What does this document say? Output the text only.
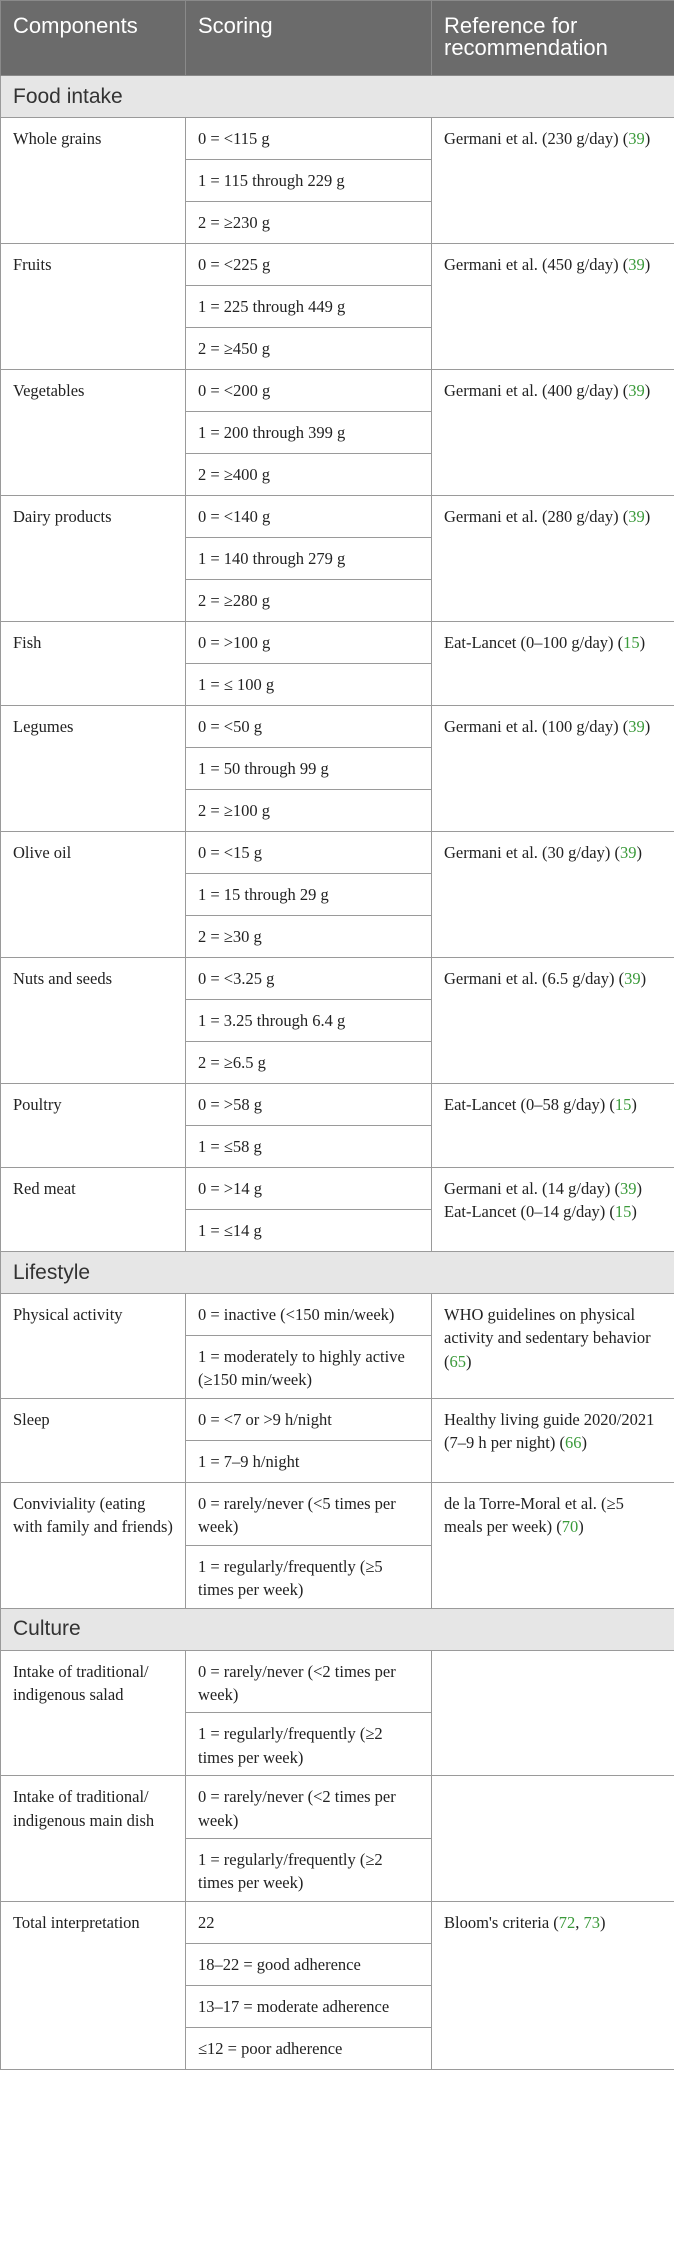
Components	Scoring	Reference for recommendation
Food intake		
Whole grains	0 = <115 g	Germani et al. (230 g/day) (39)
	1 = 115 through 229 g	
	2 = ≥230 g	
Fruits	0 = <225 g	Germani et al. (450 g/day) (39)
	1 = 225 through 449 g	
	2 = ≥450 g	
Vegetables	0 = <200 g	Germani et al. (400 g/day) (39)
	1 = 200 through 399 g	
	2 = ≥400 g	
Dairy products	0 = <140 g	Germani et al. (280 g/day) (39)
	1 = 140 through 279 g	
	2 = ≥280 g	
Fish	0 = >100 g	Eat-Lancet (0–100 g/day) (15)
	1 = ≤ 100 g	
Legumes	0 = <50 g	Germani et al. (100 g/day) (39)
	1 = 50 through 99 g	
	2 = ≥100 g	
Olive oil	0 = <15 g	Germani et al. (30 g/day) (39)
	1 = 15 through 29 g	
	2 = ≥30 g	
Nuts and seeds	0 = <3.25 g	Germani et al. (6.5 g/day) (39)
	1 = 3.25 through 6.4 g	
	2 = ≥6.5 g	
Poultry	0 = >58 g	Eat-Lancet (0–58 g/day) (15)
	1 = ≤58 g	
Red meat	0 = >14 g	Germani et al. (14 g/day) (39) Eat-Lancet (0–14 g/day) (15)
	1 = ≤14 g	
Lifestyle		
Physical activity	0 = inactive (<150 min/week)	WHO guidelines on physical activity and sedentary behavior (65)
	1 = moderately to highly active (≥150 min/week)	
Sleep	0 = <7 or >9 h/night	Healthy living guide 2020/2021 (7–9 h per night) (66)
	1 = 7–9 h/night	
Conviviality (eating with family and friends)	0 = rarely/never (<5 times per week)	de la Torre-Moral et al. (≥5 meals per week) (70)
	1 = regularly/frequently (≥5 times per week)	
Culture		
Intake of traditional/ indigenous salad	0 = rarely/never (<2 times per week)	
	1 = regularly/frequently (≥2 times per week)	
Intake of traditional/ indigenous main dish	0 = rarely/never (<2 times per week)	
	1 = regularly/frequently (≥2 times per week)	
Total interpretation	22	Bloom's criteria (72, 73)
	18–22 = good adherence	
	13–17 = moderate adherence	
	≤12 = poor adherence	
